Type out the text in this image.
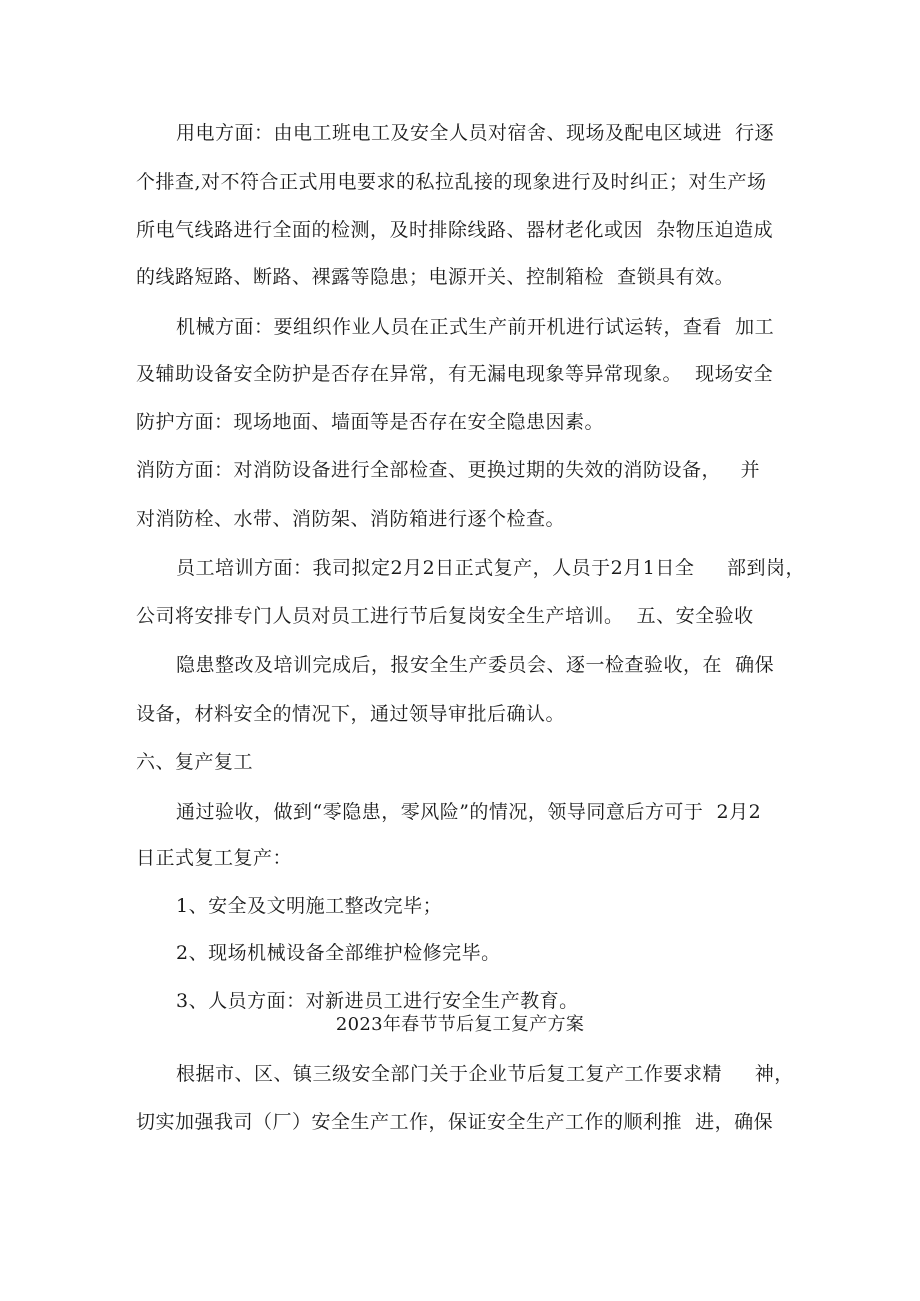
用电方面：由电工班电工及安全人员对宿舍、现场及配电区域进  行逐
个排查,对不符合正式用电要求的私拉乱接的现象进行及时纠正；对生产场
所电气线路进行全面的检测，及时排除线路、器材老化或因  杂物压迫造成
的线路短路、断路、裸露等隐患；电源开关、控制箱检  查锁具有效。
机械方面：要组织作业人员在正式生产前开机进行试运转，查看  加工
及辅助设备安全防护是否存在异常，有无漏电现象等异常现象。  现场安全
防护方面：现场地面、墙面等是否存在安全隐患因素。
消防方面：对消防设备进行全部检查、更换过期的失效的消防设备，   并
对消防栓、水带、消防架、消防箱进行逐个检查。
员工培训方面：我司拟定2月2日正式复产，人员于2月1日全     部到岗，
公司将安排专门人员对员工进行节后复岗安全生产培训。  五、安全验收
隐患整改及培训完成后，报安全生产委员会、逐一检查验收，在  确保
设备，材料安全的情况下，通过领导审批后确认。
六、复产复工
通过验收，做到“零隐患，零风险”的情况，领导同意后方可于  2月2
日正式复工复产：
1、安全及文明施工整改完毕；
2、现场机械设备全部维护检修完毕。
3、人员方面：对新进员工进行安全生产教育。
2023年春节节后复工复产方案
根据市、区、镇三级安全部门关于企业节后复工复产工作要求精     神，
切实加强我司（厂）安全生产工作，保证安全生产工作的顺利推  进，确保
